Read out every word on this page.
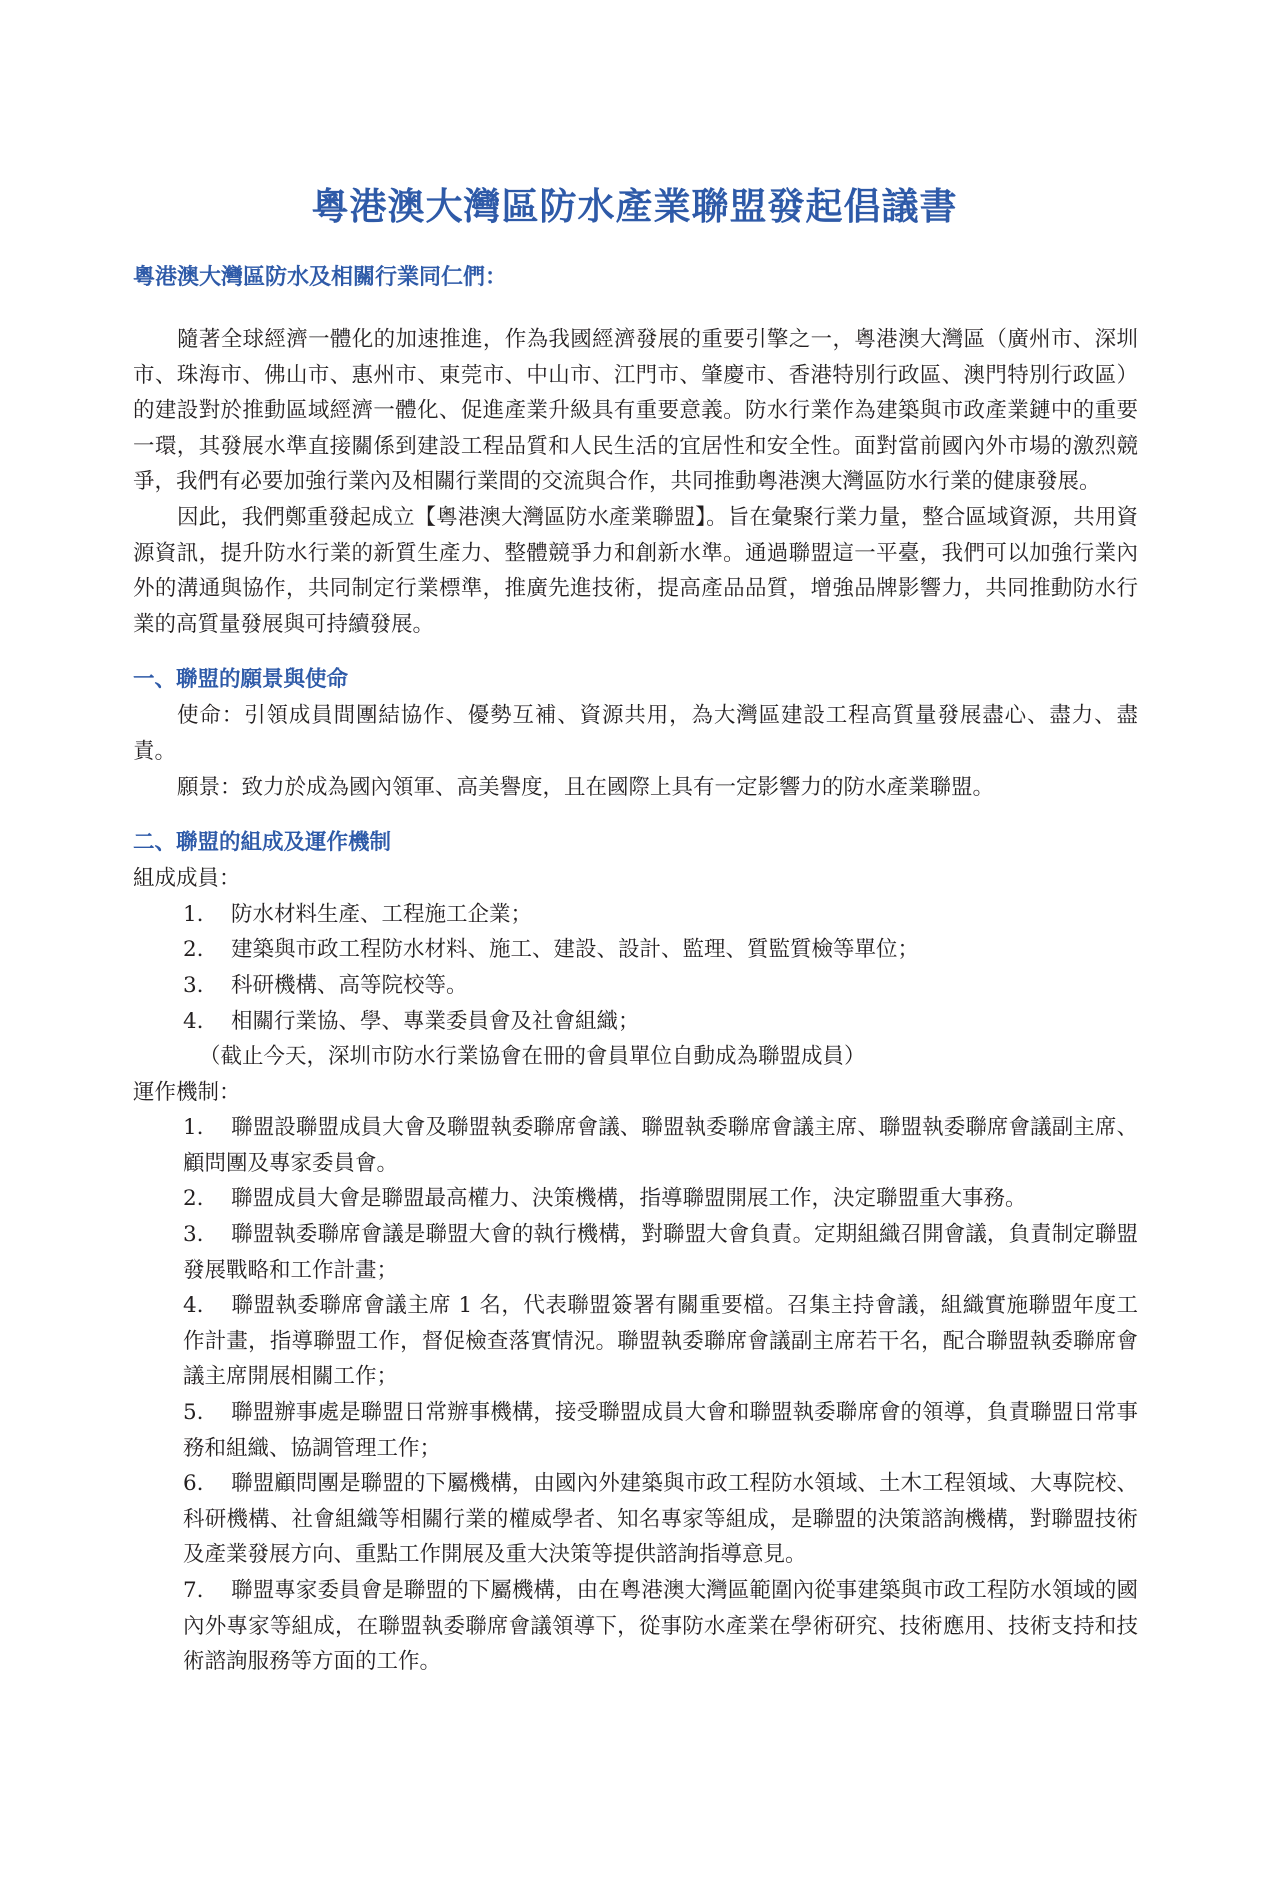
粵港澳大灣區防水產業聯盟發起倡議書

粵港澳大灣區防水及相關行業同仁們：

隨著全球經濟一體化的加速推進，作為我國經濟發展的重要引擎之一，粵港澳大灣區（廣州市、深圳市、珠海市、佛山市、惠州市、東莞市、中山市、江門市、肇慶市、香港特別行政區、澳門特別行政區）的建設對於推動區域經濟一體化、促進產業升級具有重要意義。防水行業作為建築與市政產業鏈中的重要一環，其發展水準直接關係到建設工程品質和人民生活的宜居性和安全性。面對當前國內外市場的激烈競爭，我們有必要加強行業內及相關行業間的交流與合作，共同推動粵港澳大灣區防水行業的健康發展。

因此，我們鄭重發起成立【粵港澳大灣區防水產業聯盟】。旨在彙聚行業力量，整合區域資源，共用資源資訊，提升防水行業的新質生產力、整體競爭力和創新水準。通過聯盟這一平臺，我們可以加強行業內外的溝通與協作，共同制定行業標準，推廣先進技術，提高產品品質，增強品牌影響力，共同推動防水行業的高質量發展與可持續發展。

一、聯盟的願景與使命

使命：引領成員間團結協作、優勢互補、資源共用，為大灣區建設工程高質量發展盡心、盡力、盡責。

願景：致力於成為國內領軍、高美譽度，且在國際上具有一定影響力的防水產業聯盟。

二、聯盟的組成及運作機制

組成成員：

1. 防水材料生產、工程施工企業；
2. 建築與市政工程防水材料、施工、建設、設計、監理、質監質檢等單位；
3. 科研機構、高等院校等。
4. 相關行業協、學、專業委員會及社會組織；

（截止今天，深圳市防水行業協會在冊的會員單位自動成為聯盟成員）

運作機制：

1. 聯盟設聯盟成員大會及聯盟執委聯席會議、聯盟執委聯席會議主席、聯盟執委聯席會議副主席、顧問團及專家委員會。
2. 聯盟成員大會是聯盟最高權力、決策機構，指導聯盟開展工作，決定聯盟重大事務。
3. 聯盟執委聯席會議是聯盟大會的執行機構，對聯盟大會負責。定期組織召開會議，負責制定聯盟發展戰略和工作計畫；
4. 聯盟執委聯席會議主席 1 名，代表聯盟簽署有關重要檔。召集主持會議，組織實施聯盟年度工作計畫，指導聯盟工作，督促檢查落實情況。聯盟執委聯席會議副主席若干名，配合聯盟執委聯席會議主席開展相關工作；
5. 聯盟辦事處是聯盟日常辦事機構，接受聯盟成員大會和聯盟執委聯席會的領導，負責聯盟日常事務和組織、協調管理工作；
6. 聯盟顧問團是聯盟的下屬機構，由國內外建築與市政工程防水領域、土木工程領域、大專院校、科研機構、社會組織等相關行業的權威學者、知名專家等組成，是聯盟的決策諮詢機構，對聯盟技術及產業發展方向、重點工作開展及重大決策等提供諮詢指導意見。
7. 聯盟專家委員會是聯盟的下屬機構，由在粵港澳大灣區範圍內從事建築與市政工程防水領域的國內外專家等組成，在聯盟執委聯席會議領導下，從事防水產業在學術研究、技術應用、技術支持和技術諮詢服務等方面的工作。
